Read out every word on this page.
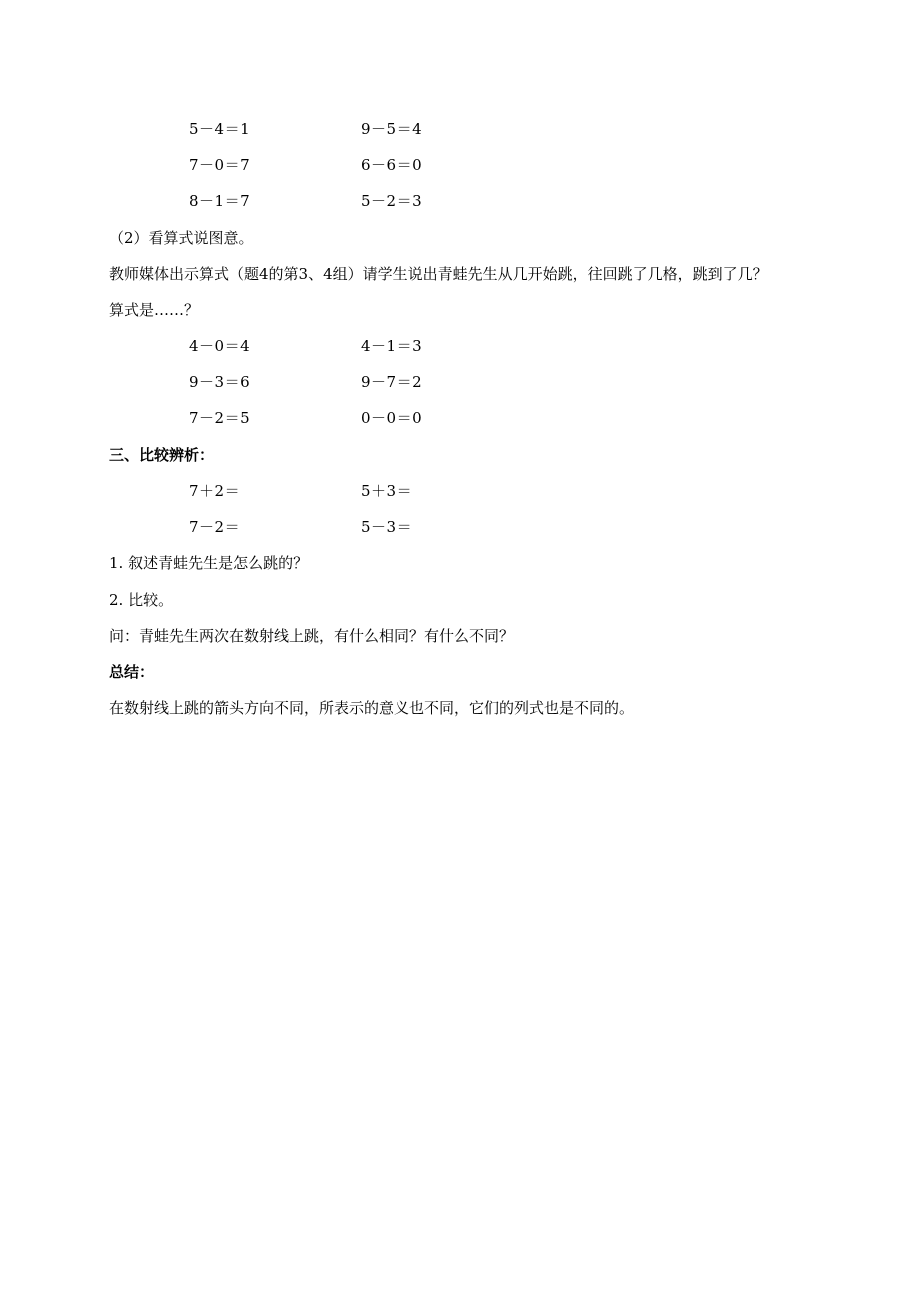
5－4＝1	9－5＝4
7－0＝7	6－6＝0
8－1＝7	5－2＝3
（2）看算式说图意。
教师媒体出示算式（题4的第3、4组）请学生说出青蛙先生从几开始跳，往回跳了几格，跳到了几？
算式是……？
4－0＝4	4－1＝3
9－3＝6	9－7＝2
7－2＝5	0－0＝0
三、比较辨析：
7＋2＝	5＋3＝
7－2＝	5－3＝
1. 叙述青蛙先生是怎么跳的？
2. 比较。
问：青蛙先生两次在数射线上跳，有什么相同？有什么不同？
总结：
在数射线上跳的箭头方向不同，所表示的意义也不同，它们的列式也是不同的。
